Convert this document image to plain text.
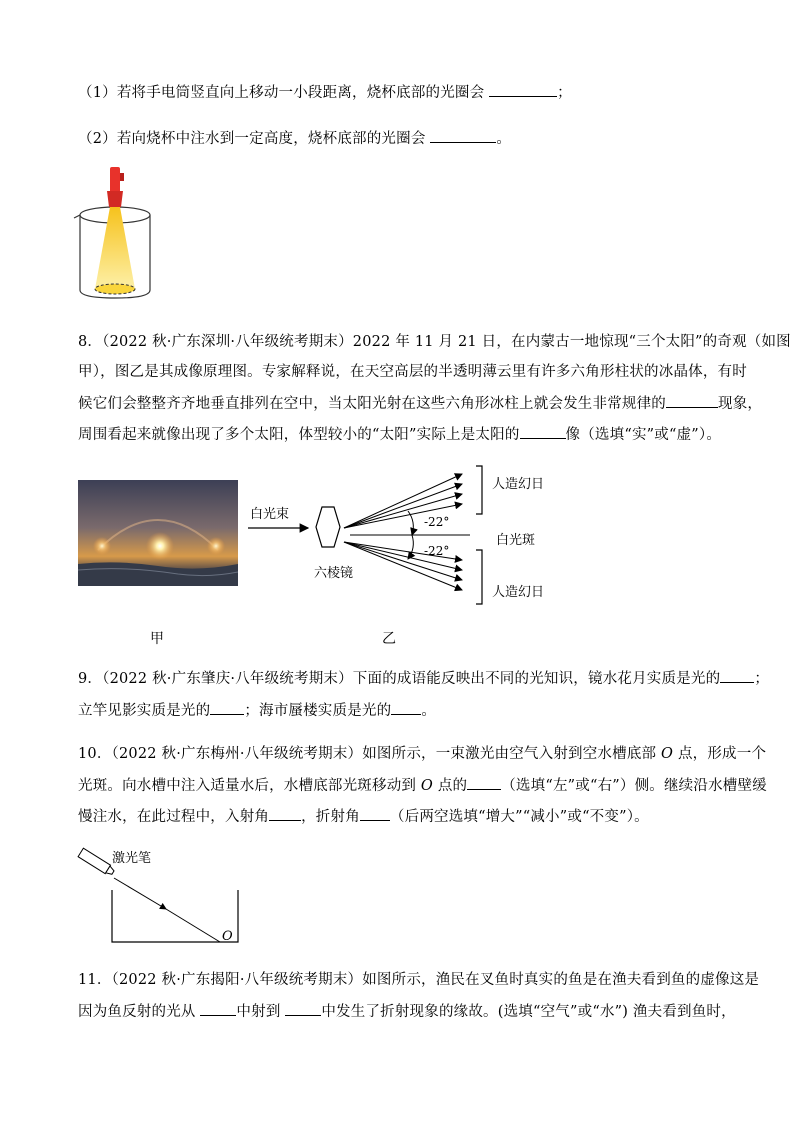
（1）若将手电筒竖直向上移动一小段距离，烧杯底部的光圈会	；
（2）若向烧杯中注水到一定高度，烧杯底部的光圈会	。
8．（2022 秋·广东深圳·八年级统考期末）2022 年 11 月 21 日，在内蒙古一地惊现“三个太阳”的奇观（如图
甲），图乙是其成像原理图。专家解释说，在天空高层的半透明薄云里有许多六角形柱状的冰晶体，有时
候它们会整整齐齐地垂直排列在空中，当太阳光射在这些六角形冰柱上就会发生非常规律的	现象，
周围看起来就像出现了多个太阳，体型较小的“太阳”实际上是太阳的	像（选填“实”或“虚”）。
白光束
六棱镜
-22°
-22°
人造幻日
白光斑
人造幻日
甲	乙
9．（2022 秋·广东肇庆·八年级统考期末）下面的成语能反映出不同的光知识，镜水花月实质是光的 ；
立竿见影实质是光的 ；海市蜃楼实质是光的 。
10．（2022 秋·广东梅州·八年级统考期末）如图所示，一束激光由空气入射到空水槽底部 O 点，形成一个
光斑。向水槽中注入适量水后，水槽底部光斑移动到 O 点的 （选填“左”或“右”）侧。继续沿水槽壁缓
慢注水，在此过程中，入射角 ，折射角 （后两空选填“增大”“减小”或“不变”）。
激光笔
O
11．（2022 秋·广东揭阳·八年级统考期末）如图所示，渔民在叉鱼时真实的鱼是在渔夫看到鱼的虚像这是
因为鱼反射的光从 中射到 中发生了折射现象的缘故。(选填“空气”或“水”) 渔夫看到鱼时，
